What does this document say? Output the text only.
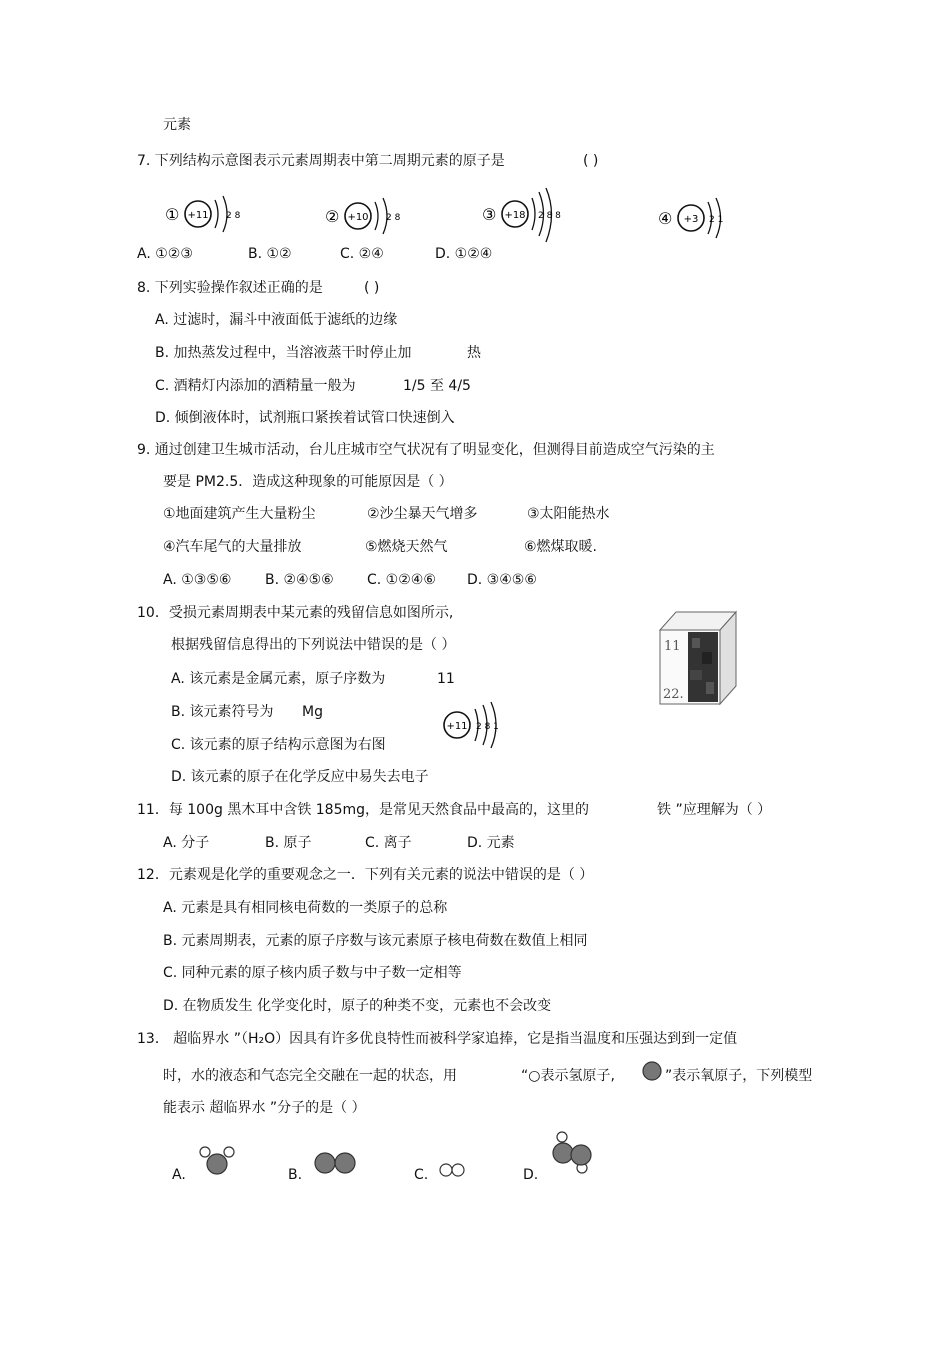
元素
7. 下列结构示意图表示元素周期表中第二周期元素的原子是	( )
① +11 2 8	② +10 2 8	③ +18 2 8 8	④ +3 2 1
A. ①②③	B. ①②	C. ②④	D. ①②④
8. 下列实验操作叙述正确的是	( )
A. 过滤时，漏斗中液面低于滤纸的边缘
B. 加热蒸发过程中，当溶液蒸干时停止加	热
C. 酒精灯内添加的酒精量一般为	1/5 至 4/5
D. 倾倒液体时，试剂瓶口紧挨着试管口快速倒入
9. 通过创建卫生城市活动，台儿庄城市空气状况有了明显变化，但测得目前造成空气污染的主
要是 PM2.5．造成这种现象的可能原因是（ ）
①地面建筑产生大量粉尘	②沙尘暴天气增多	③太阳能热水
④汽车尾气的大量排放	⑤燃烧天然气	⑥燃煤取暖.
A. ①③⑤⑥ B. ②④⑤⑥ C. ①②④⑥ D. ③④⑤⑥
10．受损元素周期表中某元素的残留信息如图所示,
根据残留信息得出的下列说法中错误的是（ ）
A. 该元素是金属元素，原子序数为	11
B. 该元素符号为 Mg
C. 该元素的原子结构示意图为右图
D. 该元素的原子在化学反应中易失去电子
+11 2 8 1
11
22.
11．每 100g 黑木耳中含铁 185mg，是常见天然食品中最高的，这里的	铁 ”应理解为（ ）
A. 分子	B. 原子	C. 离子	D. 元素
12．元素观是化学的重要观念之一．下列有关元素的说法中错误的是（ ）
A. 元素是具有相同核电荷数的一类原子的总称
B. 元素周期表，元素的原子序数与该元素原子核电荷数在数值上相同
C. 同种元素的原子核内质子数与中子数一定相等
D. 在物质发生 化学变化时，原子的种类不变，元素也不会改变
13． 超临界水 ”（H₂O）因具有许多优良特性而被科学家追捧，它是指当温度和压强达到到一定值
时，水的液态和气态完全交融在一起的状态，用	“○表示氢原子,	”表示氧原子，下列模型
能表示 超临界水 ”分子的是（ ）
A.	B.	C.	D.
